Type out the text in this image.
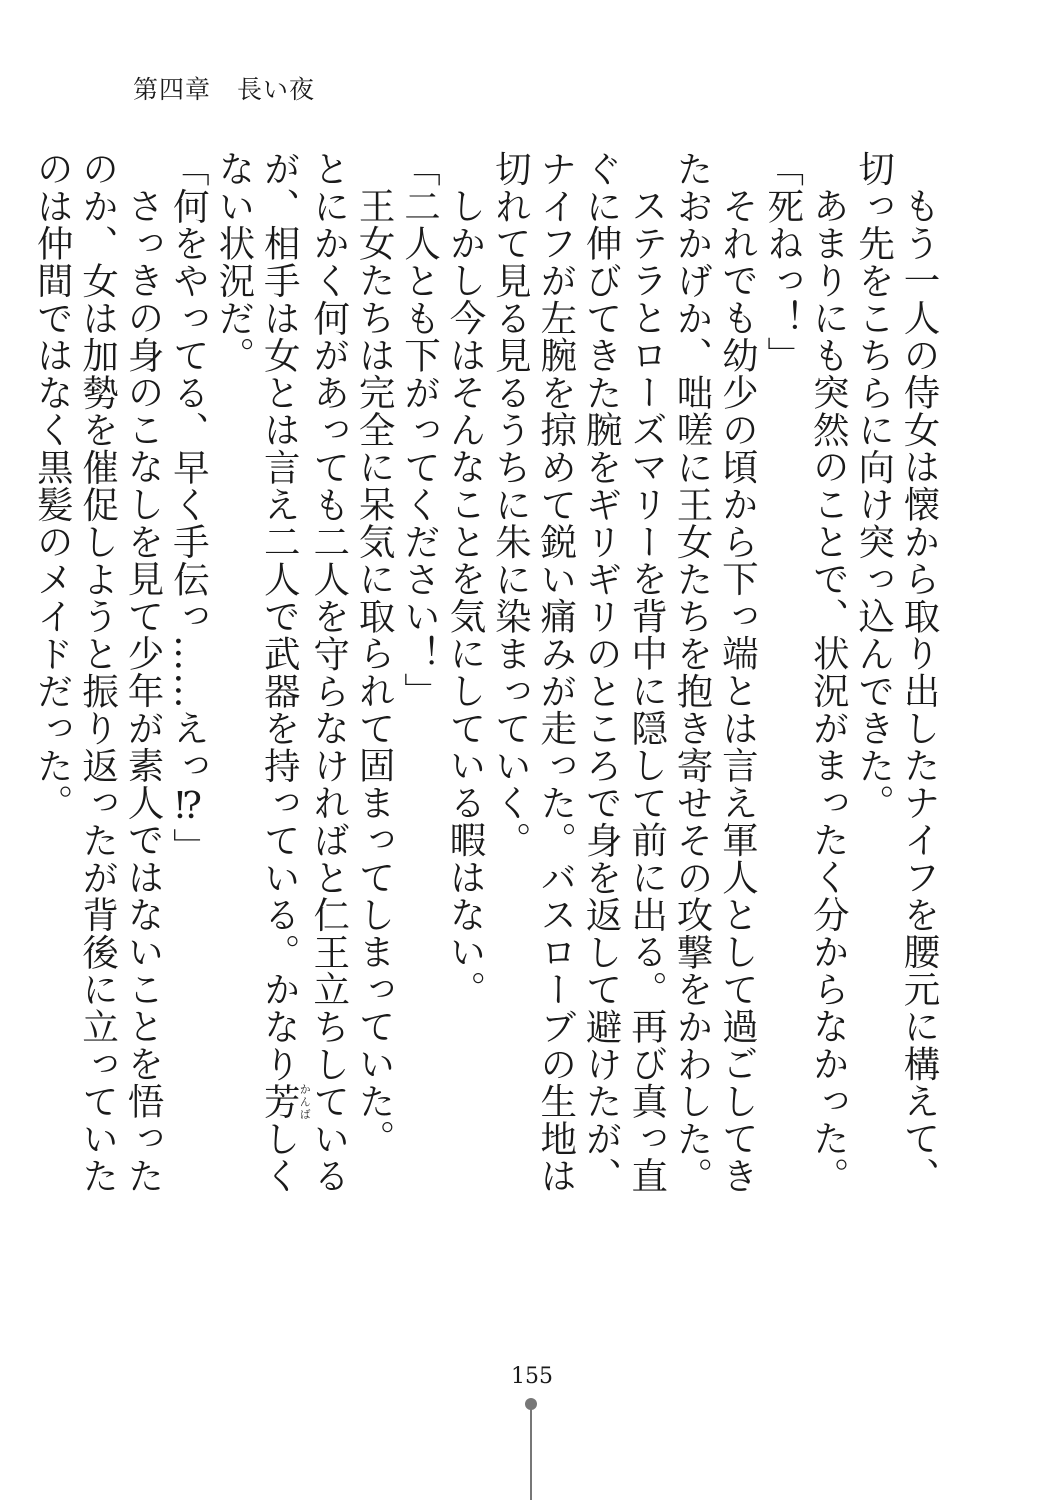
第四章 長い夜

もう一人の侍女は懐から取り出したナイフを腰元に構えて、切っ先をこちらに向け突っ込んできた。

あまりにも突然のことで、状況がまったく分からなかった。

「死ねっ！」

それでも幼少の頃から下っ端とは言え軍人として過ごしてきたおかげか、咄嗟に王女たちを抱き寄せその攻撃をかわした。

ステラとローズマリーを背中に隠して前に出る。再び真っ直ぐに伸びてきた腕をギリギリのところで身を返して避けたが、ナイフが左腕を掠めて鋭い痛みが走った。バスローブの生地は切れて見る見るうちに朱に染まっていく。

しかし今はそんなことを気にしている暇はない。

「二人とも下がってください！」

王女たちは完全に呆気に取られて固まってしまっていた。

とにかく何があっても二人を守らなければと仁王立ちしているが、相手は女とは言え二人で武器を持っている。かなり芳かんばしくない状況だ。

「何をやってる、早く手伝っ……えっ⁉」

さっきの身のこなしを見て少年が素人ではないことを悟ったのか、女は加勢を催促しようと振り返ったが背後に立っていたのは仲間ではなく黒髪のメイドだった。

155
